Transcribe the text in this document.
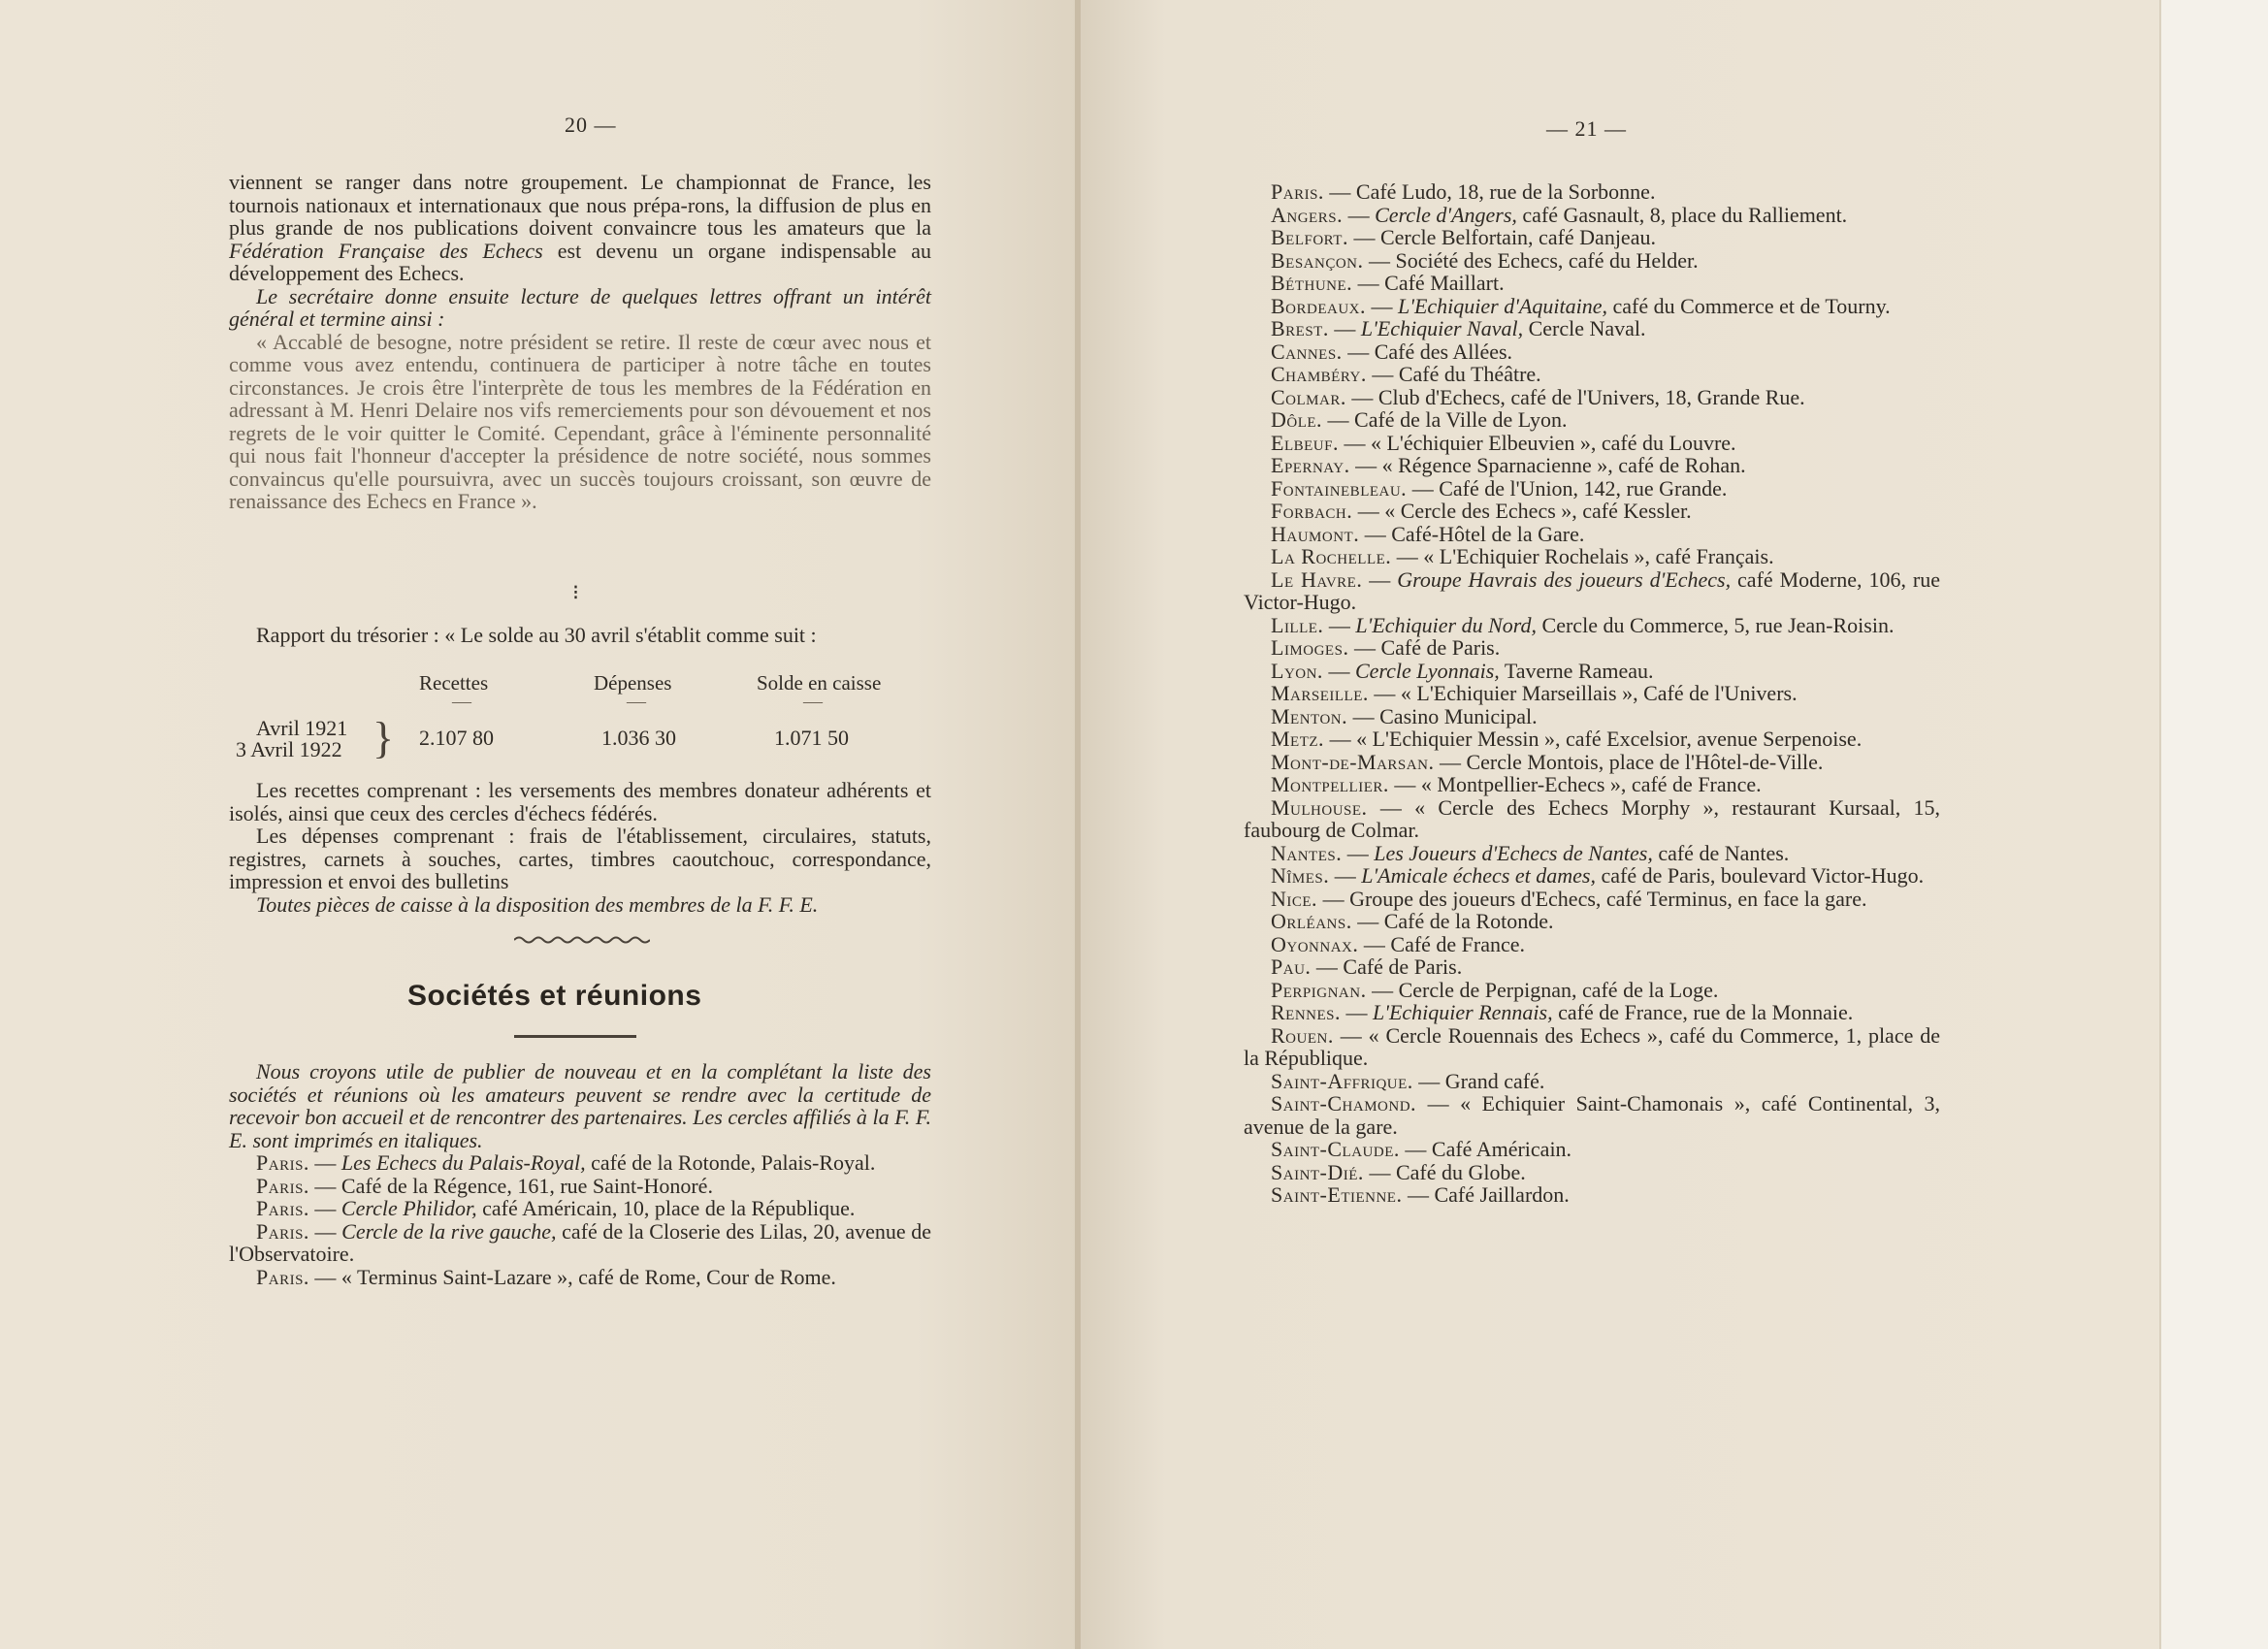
20 —

viennent se ranger dans notre groupement. Le championnat de France, les tournois nationaux et internationaux que nous prépa-rons, la diffusion de plus en plus grande de nos publications doivent convaincre tous les amateurs que la Fédération Française des Echecs est devenu un organe indispensable au développement des Echecs.

Le secrétaire donne ensuite lecture de quelques lettres offrant un intérêt général et termine ainsi :

« Accablé de besogne, notre président se retire. Il reste de cœur avec nous et comme vous avez entendu, continuera de participer à notre tâche en toutes circonstances. Je crois être l'interprète de tous les membres de la Fédération en adressant à M. Henri Delaire nos vifs remerciements pour son dévouement et nos regrets de le voir quitter le Comité. Cependant, grâce à l'éminente personnalité qui nous fait l'honneur d'accepter la présidence de notre société, nous sommes convaincus qu'elle poursuivra, avec un succès toujours croissant, son œuvre de renaissance des Echecs en France ».

⁝

Rapport du trésorier : « Le solde au 30 avril s'établit comme suit :

Recettes	Dépenses	Solde en caisse
—	—	—
Avril 1921
3 Avril 1922 } 2.107 80	1.036 30	1.071 50

Les recettes comprenant : les versements des membres donateur adhérents et isolés, ainsi que ceux des cercles d'échecs fédérés.

Les dépenses comprenant : frais de l'établissement, circulaires, statuts, registres, carnets à souches, cartes, timbres caoutchouc, correspondance, impression et envoi des bulletins

Toutes pièces de caisse à la disposition des membres de la F. F. E.

Sociétés et réunions

Nous croyons utile de publier de nouveau et en la complétant la liste des sociétés et réunions où les amateurs peuvent se rendre avec la certitude de recevoir bon accueil et de rencontrer des partenaires. Les cercles affiliés à la F. F. E. sont imprimés en italiques.

Paris. — Les Echecs du Palais-Royal, café de la Rotonde, Palais-Royal.

Paris. — Café de la Régence, 161, rue Saint-Honoré.

Paris. — Cercle Philidor, café Américain, 10, place de la République.

Paris. — Cercle de la rive gauche, café de la Closerie des Lilas, 20, avenue de l'Observatoire.

Paris. — « Terminus Saint-Lazare », café de Rome, Cour de Rome.

— 21 —

Paris. — Café Ludo, 18, rue de la Sorbonne.

Angers. — Cercle d'Angers, café Gasnault, 8, place du Ralliement.

Belfort. — Cercle Belfortain, café Danjeau.

Besançon. — Société des Echecs, café du Helder.

Béthune. — Café Maillart.

Bordeaux. — L'Echiquier d'Aquitaine, café du Commerce et de Tourny.

Brest. — L'Echiquier Naval, Cercle Naval.

Cannes. — Café des Allées.

Chambéry. — Café du Théâtre.

Colmar. — Club d'Echecs, café de l'Univers, 18, Grande Rue.

Dôle. — Café de la Ville de Lyon.

Elbeuf. — « L'échiquier Elbeuvien », café du Louvre.

Epernay. — « Régence Sparnacienne », café de Rohan.

Fontainebleau. — Café de l'Union, 142, rue Grande.

Forbach. — « Cercle des Echecs », café Kessler.

Haumont. — Café-Hôtel de la Gare.

La Rochelle. — « L'Echiquier Rochelais », café Français.

Le Havre. — Groupe Havrais des joueurs d'Echecs, café Moderne, 106, rue Victor-Hugo.

Lille. — L'Echiquier du Nord, Cercle du Commerce, 5, rue Jean-Roisin.

Limoges. — Café de Paris.

Lyon. — Cercle Lyonnais, Taverne Rameau.

Marseille. — « L'Echiquier Marseillais », Café de l'Univers.

Menton. — Casino Municipal.

Metz. — « L'Echiquier Messin », café Excelsior, avenue Serpenoise.

Mont-de-Marsan. — Cercle Montois, place de l'Hôtel-de-Ville.

Montpellier. — « Montpellier-Echecs », café de France.

Mulhouse. — « Cercle des Echecs Morphy », restaurant Kursaal, 15, faubourg de Colmar.

Nantes. — Les Joueurs d'Echecs de Nantes, café de Nantes.

Nîmes. — L'Amicale échecs et dames, café de Paris, boulevard Victor-Hugo.

Nice. — Groupe des joueurs d'Echecs, café Terminus, en face la gare.

Orléans. — Café de la Rotonde.

Oyonnax. — Café de France.

Pau. — Café de Paris.

Perpignan. — Cercle de Perpignan, café de la Loge.

Rennes. — L'Echiquier Rennais, café de France, rue de la Monnaie.

Rouen. — « Cercle Rouennais des Echecs », café du Commerce, 1, place de la République.

Saint-Affrique. — Grand café.

Saint-Chamond. — « Echiquier Saint-Chamonais », café Continental, 3, avenue de la gare.

Saint-Claude. — Café Américain.

Saint-Dié. — Café du Globe.

Saint-Etienne. — Café Jaillardon.
